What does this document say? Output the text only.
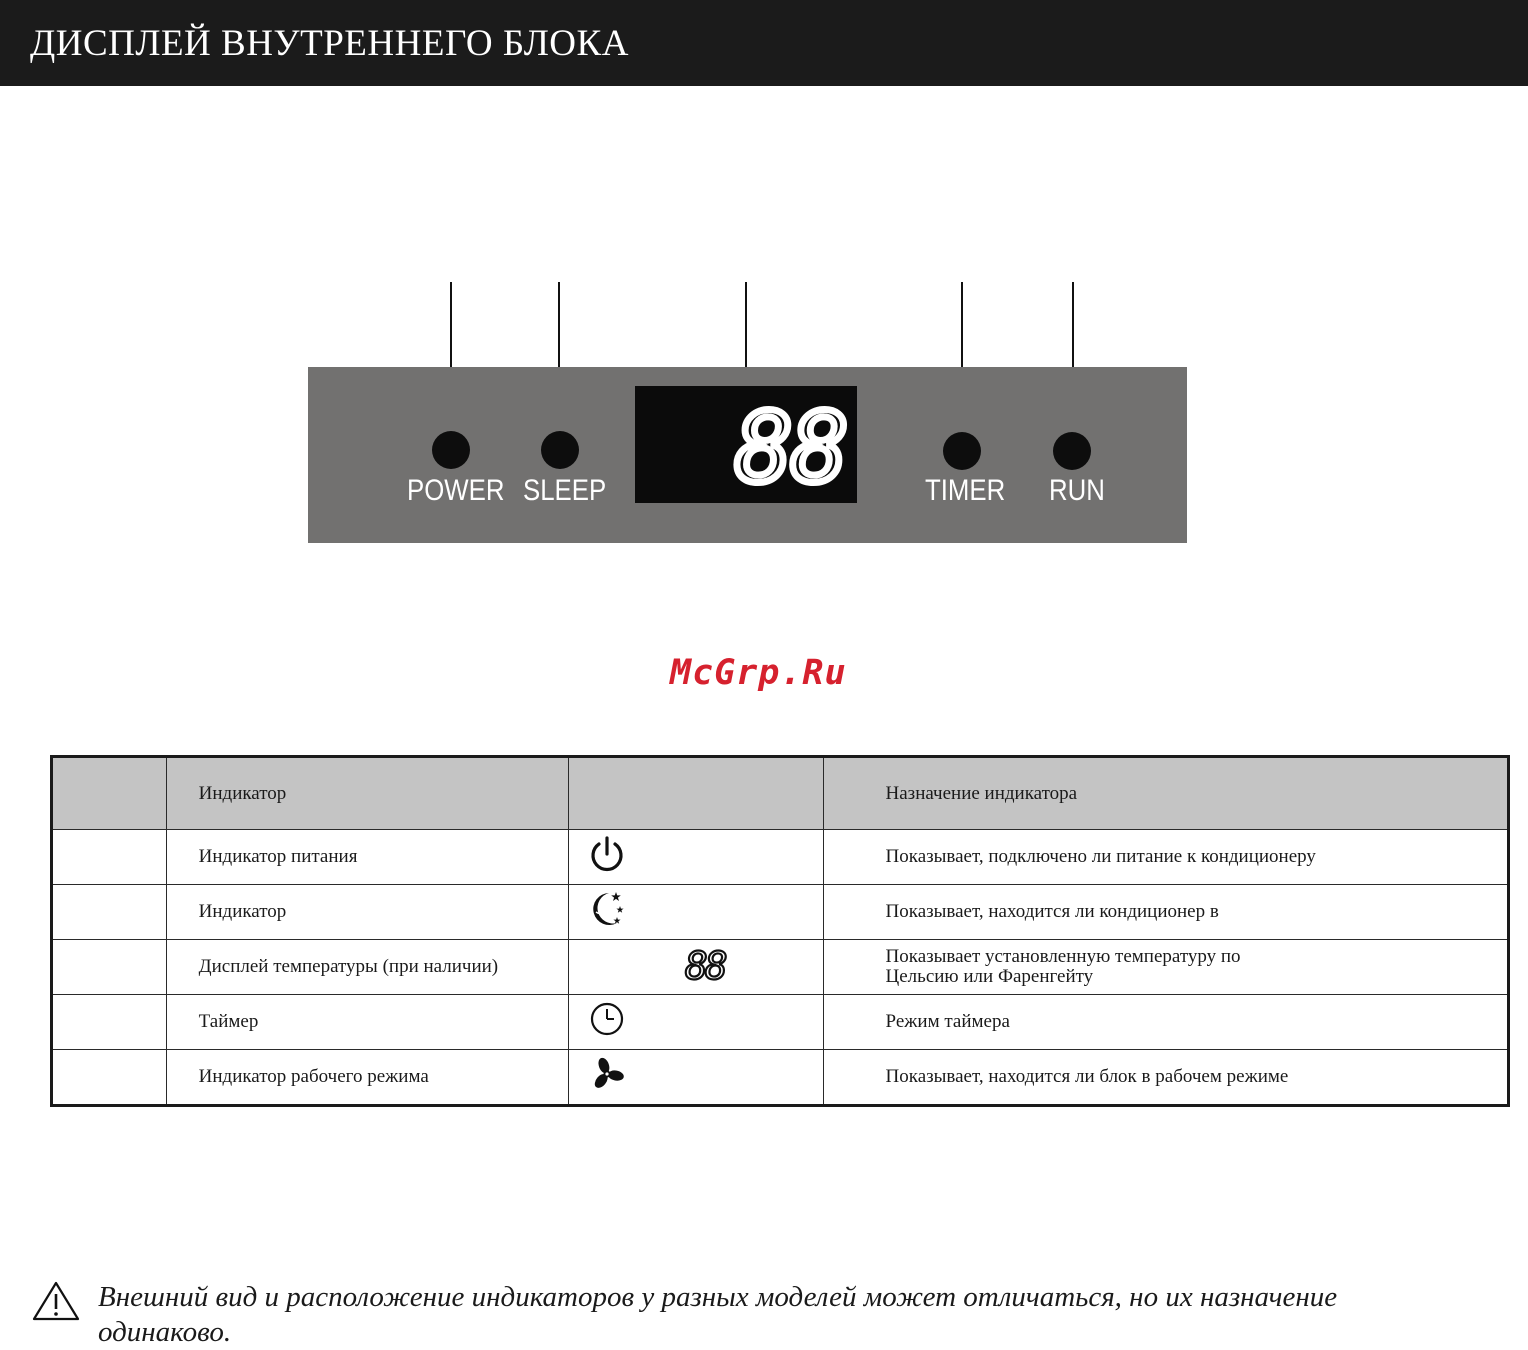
ДИСПЛЕЙ ВНУТРЕННЕГО БЛОКА
POWER SLEEP	TIMER RUN
88
McGrp.Ru
	Индикатор		Назначение индикатора
	Индикатор питания		Показывает, подключено ли питание к кондиционеру
	Индикатор		Показывает, находится ли кондиционер в
	Дисплей температуры (при наличии)	88	Показывает установленную температуру по
Цельсию или Фаренгейту
	Таймер		Режим таймера
	Индикатор рабочего режима		Показывает, находится ли блок в рабочем режиме
Внешний вид и расположение индикаторов у разных моделей может отличаться, но их назначение одинаково.
